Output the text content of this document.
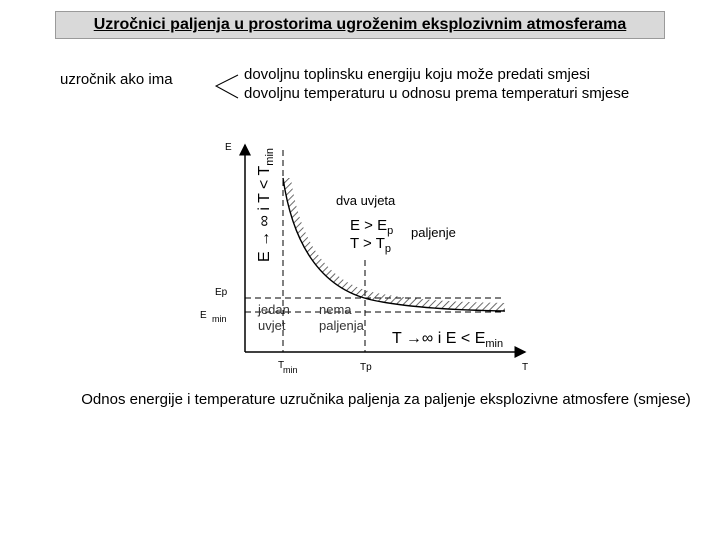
Uzročnici paljenja u prostorima ugroženim eksplozivnim atmosferama
uzročnik ako ima	dovoljnu toplinsku energiju koju može predati smjesi
dovoljnu temperaturu u odnosu prema temperaturi smjese
E
T
Ep
E min
T
min	Tp
E → ∞ i $T < T_{min}$
dva uvjeta
$E > E_p$
$T > T_p$
paljenje
jedan
uvjet
nema
paljenja
T →∞ i $E < E_{min}$
Odnos energije i temperature uzručnika paljenja za paljenje eksplozivne atmosfere (smjese)
